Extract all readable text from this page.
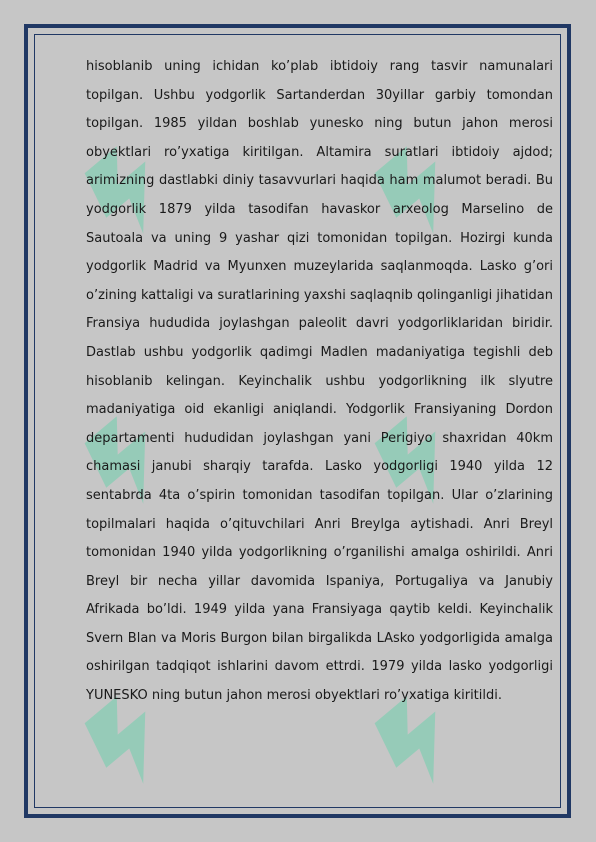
hisoblanib uning ichidan ko’plab ibtidoiy rang tasvir namunalari topilgan. Ushbu yodgorlik Sartanderdan 30yillar garbiy tomondan topilgan. 1985 yildan boshlab yunesko ning butun jahon merosi obyektlari ro’yxatiga kiritilgan. Altamira suratlari ibtidoiy ajdod; arimizning dastlabki diniy tasavvurlari haqida ham malumot beradi. Bu yodgorlik 1879 yilda tasodifan havaskor arxeolog Marselino de Sautoala va uning 9 yashar qizi tomonidan topilgan. Hozirgi kunda yodgorlik Madrid va Myunxen muzeylarida saqlanmoqda. Lasko g’ori o’zining kattaligi va suratlarining yaxshi saqlaqnib qolinganligi jihatidan Fransiya hududida joylashgan paleolit davri yodgorliklaridan biridir. Dastlab ushbu yodgorlik qadimgi Madlen madaniyatiga tegishli deb hisoblanib kelingan. Keyinchalik ushbu yodgorlikning ilk slyutre madaniyatiga oid ekanligi aniqlandi. Yodgorlik Fransiyaning Dordon departamenti hududidan joylashgan yani Perigiyo shaxridan 40km chamasi janubi sharqiy tarafda. Lasko yodgorligi 1940 yilda 12 sentabrda 4ta o’spirin tomonidan tasodifan topilgan. Ular o’zlarining topilmalari haqida o’qituvchilari Anri Breylga aytishadi. Anri Breyl tomonidan 1940 yilda yodgorlikning o’rganilishi amalga oshirildi. Anri Breyl bir necha yillar davomida Ispaniya, Portugaliya va Janubiy Afrikada bo’ldi. 1949 yilda yana Fransiyaga qaytib keldi. Keyinchalik Svern Blan va Moris Burgon bilan birgalikda LAsko yodgorligida amalga oshirilgan tadqiqot ishlarini davom ettrdi. 1979 yilda lasko yodgorligi YUNESKO ning butun jahon merosi obyektlari ro’yxatiga kiritildi.
